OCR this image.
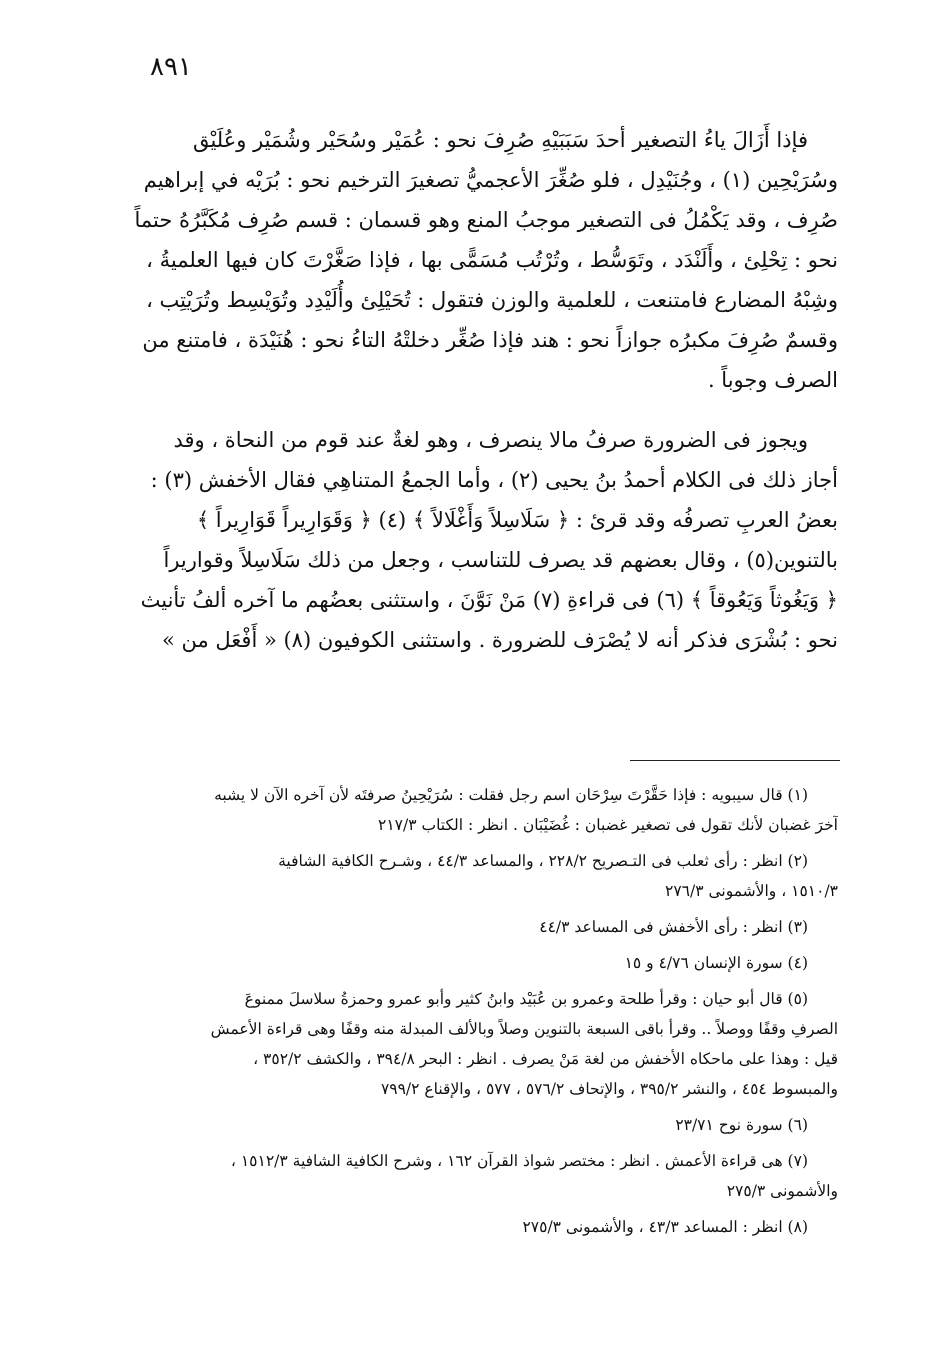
٨٩١
فإذا أَزَالَ ياءُ التصغير أحدَ سَبَبَيْهِ صُرِفَ نحو : عُمَيْر وسُحَيْر وشُمَيْر وعُلَيْق
وسُرَيْحِين (١) ، وجُنَيْدِل ، فلو صُغِّرَ الأعجميُّ تصغيرَ الترخيم نحو : بُرَيْه في إبراهيم
صُرِف ، وقد يَكْمُلُ فى التصغير موجبُ المنع وهو قسمان : قسم صُرِف مُكَبَّرُهُ حتماً
نحو : تِحْلِئ ، وأَلَنْدَد ، وتَوَسُّط ، وتُرْتُب مُسَمًّى بها ، فإذا صَغَّرْتَ كان فيها العلميةُ ،
وشِبْهُ المضارع فامتنعت ، للعلمية والوزن فتقول : تُحَيْلِئ وأُلَيْدِد وتُوَيْسِط وتُرَيْتِب ،
وقسمٌ صُرِفَ مكبرُه جوازاً نحو : هند فإذا صُغِّر دخلتْهُ التاءُ نحو : هُنَيْدَة ، فامتنع من
الصرف وجوباً .
ويجوز فى الضرورة صرفُ مالا ينصرف ، وهو لغةٌ عند قوم من النحاة ، وقد
أجاز ذلك فى الكلام أحمدُ بنُ يحيى (٢) ، وأما الجمعُ المتناهِي فقال الأخفش (٣) :
بعضُ العربِ تصرفُه وقد قرئ : ﴿ سَلَاسِلاً وَأَغْلَالاً ﴾ (٤) ﴿ وَقَوَارِيراً قَوَارِيراً ﴾
بالتنوين(٥) ، وقال بعضهم قد يصرف للتناسب ، وجعل من ذلك سَلَاسِلاً وقواريراً
﴿ وَيَغُوثاً وَيَعُوقاً ﴾ (٦) فى قراءةِ (٧) مَنْ نَوَّنَ ، واستثنى بعضُهم ما آخره ألفُ تأنيث
نحو : بُشْرَى فذكر أنه لا يُصْرَف للضرورة . واستثنى الكوفيون (٨) « أَفْعَل من »
(١) قال سيبويه : فإذا حَقَّرْتَ سِرْحَان اسم رجل فقلت : سُرَيْحِينُ صرفتَه لأن آخره الآن لا يشبه
آخرَ غضبان لأنك تقول فى تصغير غضبان : غُضَيْبَان . انظر : الكتاب ٢١٧/٣
(٢) انظر : رأى ثعلب فى التـصريح ٢٢٨/٢ ، والمساعد ٤٤/٣ ، وشـرح الكافية الشافية
١٥١٠/٣ ، والأشمونى ٢٧٦/٣
(٣) انظر : رأى الأخفش فى المساعد ٤٤/٣
(٤) سورة الإنسان ٤/٧٦ و ١٥
(٥) قال أبو حيان : وقرأ طلحة وعمرو بن عُبَيْد وابنُ كثير وأبو عمرو وحمزةُ سلاسلَ ممنوعَ
الصرفِ وقفًا ووصلاً .. وقرأ باقى السبعة بالتنوين وصلاً وبالألف المبدلة منه وقفًا وهى قراءة الأعمش
قيل : وهذا على ماحكاه الأخفش من لغة مَنْ يصرف . انظر : البحر ٣٩٤/٨ ، والكشف ٣٥٢/٢ ،
والمبسوط ٤٥٤ ، والنشر ٣٩٥/٢ ، والإتحاف ٥٧٦/٢ ، ٥٧٧ ، والإقناع ٧٩٩/٢
(٦) سورة نوح ٢٣/٧١
(٧) هى قراءة الأعمش . انظر : مختصر شواذ القرآن ١٦٢ ، وشرح الكافية الشافية ١٥١٢/٣ ،
والأشمونى ٢٧٥/٣
(٨) انظر : المساعد ٤٣/٣ ، والأشمونى ٢٧٥/٣
